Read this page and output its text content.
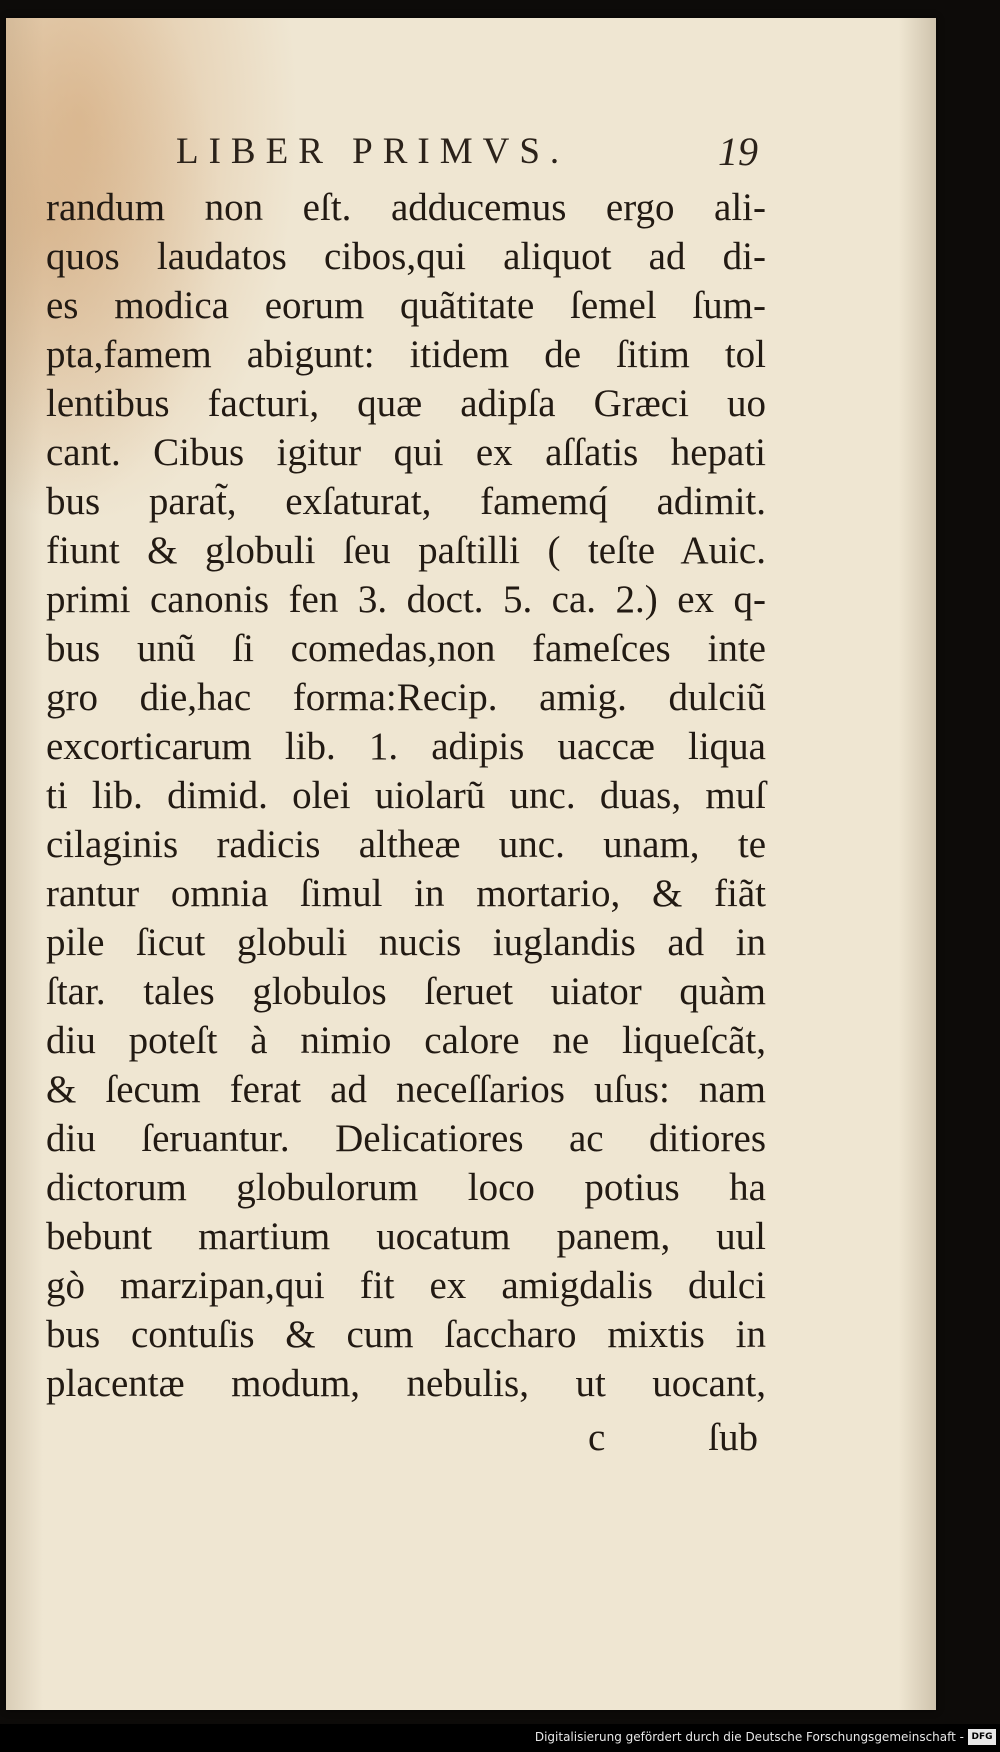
LIBER PRIMVS.	19
randum non eſt. adducemus ergo ali-
quos laudatos cibos,qui aliquot ad di-
es modica eorum quãtitate ſemel ſum-
pta,famem abigunt: itidem de ſitim tol
lentibus facturi, quæ adipſa Græci uo
cant. Cibus igitur qui ex aſſatis hepati
bus parat̃, exſaturat, famemq́ adimit.
fiunt & globuli ſeu paſtilli ( teſte Auic.
primi canonis fen 3. doct. 5. ca. 2.) ex q-
bus unũ ſi comedas,non fameſces inte
gro die,hac forma:Recip. amig. dulciũ
excorticarum lib. 1. adipis uaccæ liqua
ti lib. dimid. olei uiolarũ unc. duas, muſ
cilaginis radicis altheæ unc. unam, te
rantur omnia ſimul in mortario, & fiãt
pile ſicut globuli nucis iuglandis ad in
ſtar. tales globulos ſeruet uiator quàm
diu poteſt à nimio calore ne liqueſcãt,
& ſecum ferat ad neceſſarios uſus: nam
diu ſeruantur. Delicatiores ac ditiores
dictorum globulorum loco potius ha
bebunt martium uocatum panem, uul
gò marzipan,qui fit ex amigdalis dulci
bus contuſis & cum ſaccharo mixtis in
placentæ modum, nebulis, ut uocant,
c	ſub
Digitalisierung gefördert durch die Deutsche Forschungsgemeinschaft - DFG
